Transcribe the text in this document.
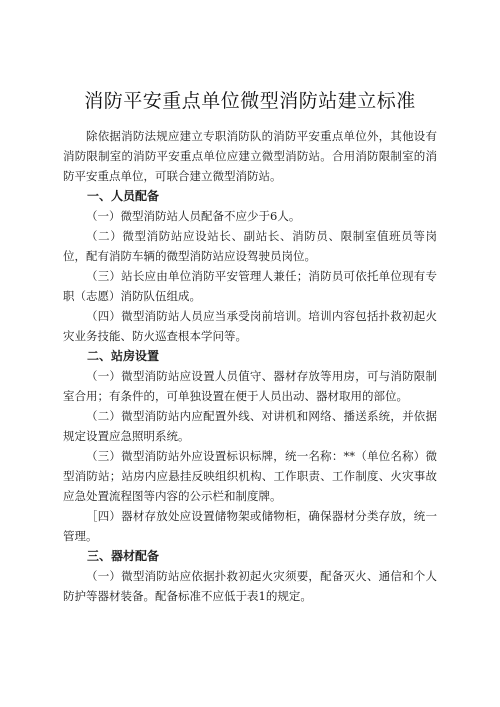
消防平安重点单位微型消防站建立标准

除依据消防法规应建立专职消防队的消防平安重点单位外，其他设有消防限制室的消防平安重点单位应建立微型消防站。合用消防限制室的消防平安重点单位，可联合建立微型消防站。

一、人员配备

（一）微型消防站人员配备不应少于6人。

（二）微型消防站应设站长、副站长、消防员、限制室值班员等岗位，配有消防车辆的微型消防站应设驾驶员岗位。

（三）站长应由单位消防平安管理人兼任；消防员可依托单位现有专职（志愿）消防队伍组成。

（四）微型消防站人员应当承受岗前培训。培训内容包括扑救初起火灾业务技能、防火巡查根本学问等。

二、站房设置

（一）微型消防站应设置人员值守、器材存放等用房，可与消防限制室合用；有条件的，可单独设置在便于人员出动、器材取用的部位。

（二）微型消防站内应配置外线、对讲机和网络、播送系统，并依据规定设置应急照明系统。

（三）微型消防站外应设置标识标牌，统一名称：**（单位名称）微型消防站；站房内应悬挂反映组织机构、工作职责、工作制度、火灾事故应急处置流程图等内容的公示栏和制度牌。

［四）器材存放处应设置储物架或储物柜，确保器材分类存放，统一管理。

三、器材配备

（一）微型消防站应依据扑救初起火灾须要，配备灭火、通信和个人防护等器材装备。配备标准不应低于表1的规定。
